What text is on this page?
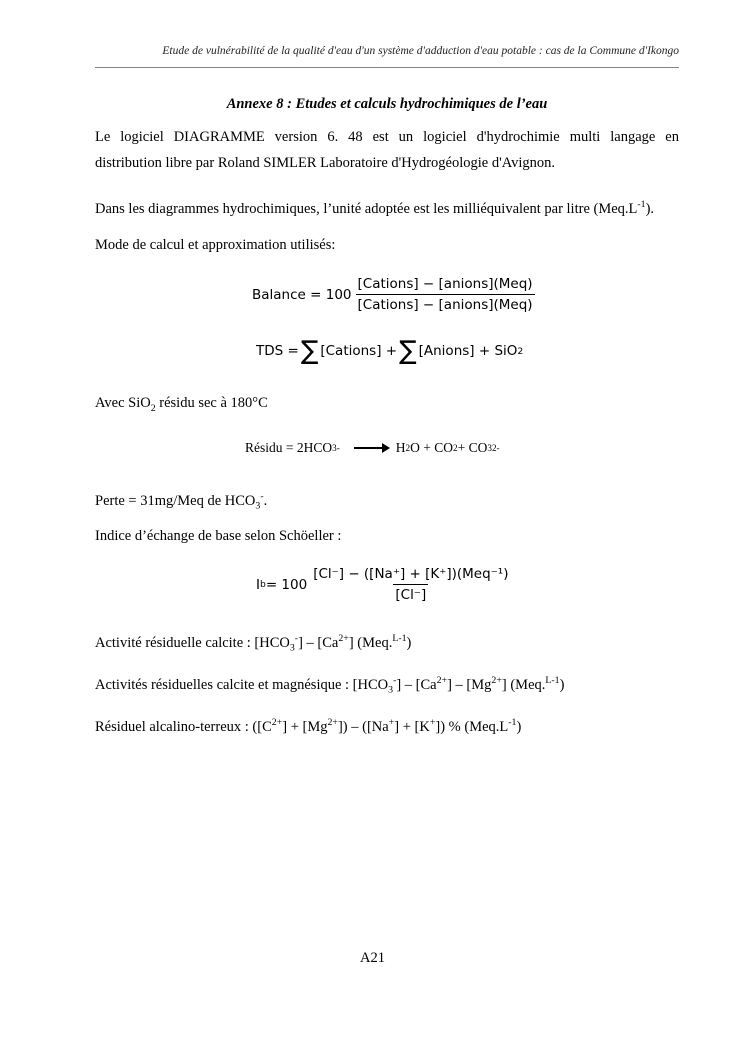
Etude de vulnérabilité de la qualité d'eau d'un système d'adduction d'eau potable : cas de la Commune d'Ikongo
Annexe 8 : Etudes et calculs hydrochimiques de l’eau
Le logiciel DIAGRAMME version 6. 48 est un logiciel d'hydrochimie multi langage en
distribution libre par Roland SIMLER Laboratoire d'Hydrogéologie d'Avignon.
Dans les diagrammes hydrochimiques, l’unité adoptée est les milliéquivalent par litre $(Meq.L^{-1})$.
Mode de calcul et approximation utilisés:
Balance = $100 \frac{\text{[Cations] − [anions](Meq)}}{\text{[Cations] − [anions](Meq)}}$
TDS = ∑ [Cations] + ∑ [Anions] + SiO 2
Avec SiO$_2$ résidu sec à 180°C
Résidu = 2HCO 3 - → H 2 O + CO 2 + CO 3 2-
Perte = 31mg/Meq de $HCO_3^-$.
Indice d’échange de base selon Schöeller :
I $b = 100 \frac{\text{[Cl⁻] − ([Na⁺] + [K⁺])(Meq⁻¹)}}{[Cl^-]}$
Activité résiduelle calcite : $[HCO_3^-] - [Ca^{2+}]$ (Meq.$^{L-1}$)
Activités résiduelles calcite et magnésique : $[HCO_3^-] - [Ca^{2+}] - [Mg^{2+}]$ (Meq.$^{L-1}$)
Résiduel alcalino-terreux : $([C^{2+}] + [Mg^{2+}]) - ([Na^+] + [K^+])$ % $(Meq.L^{-1})$
A21
